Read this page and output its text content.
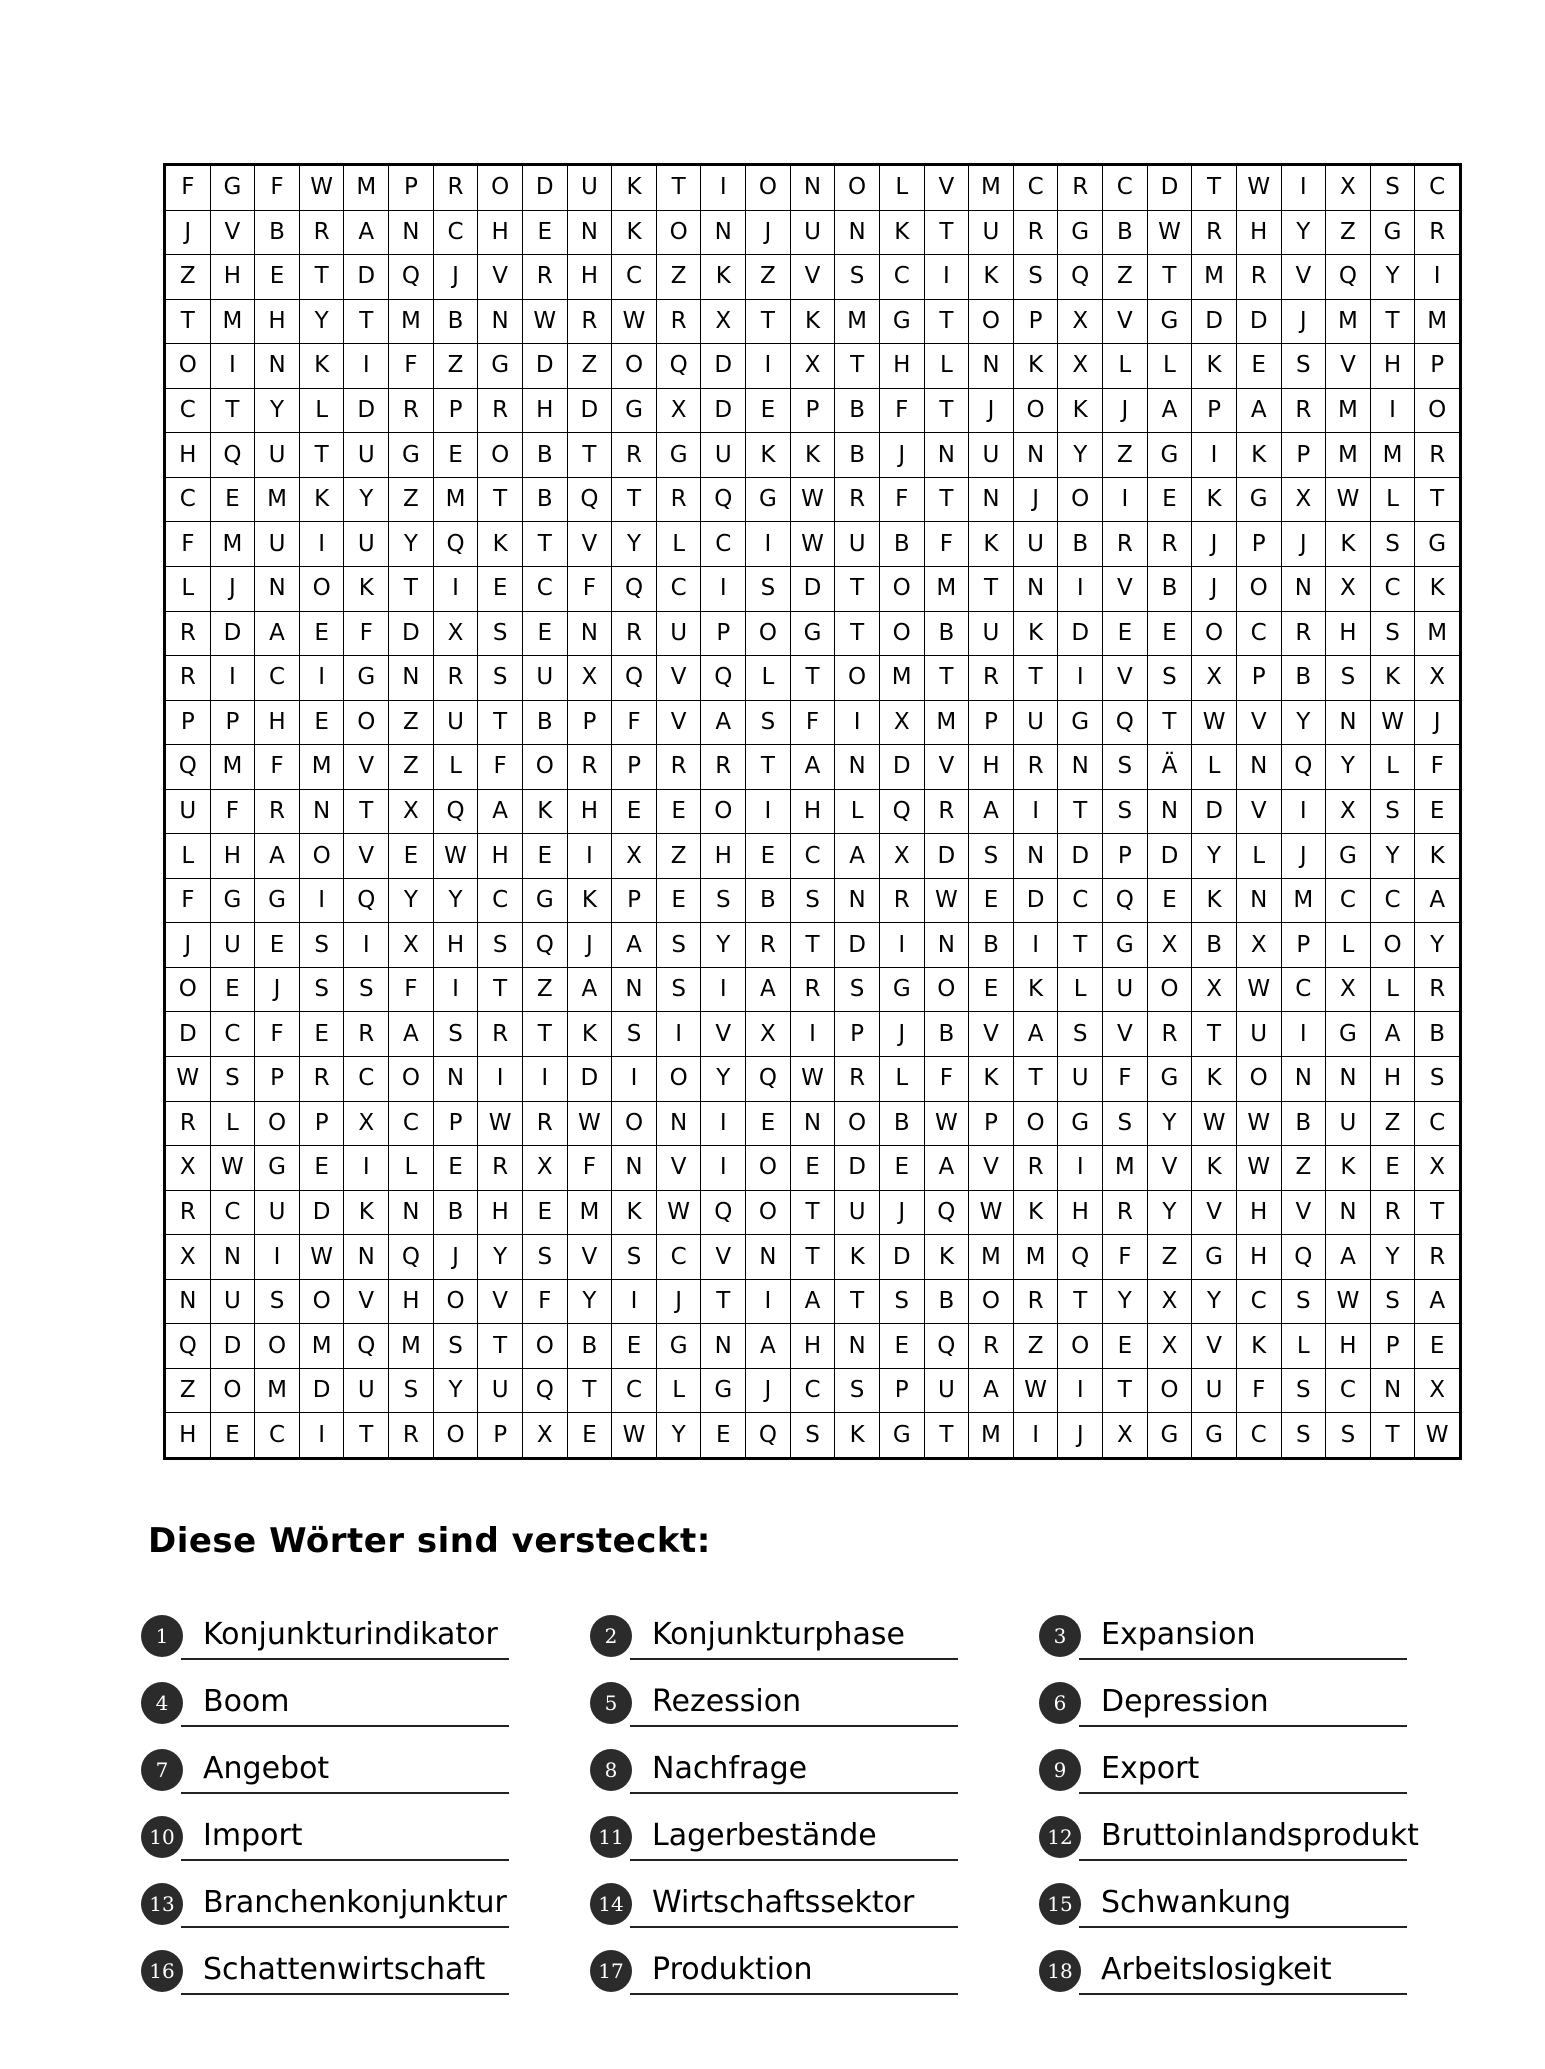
F	G	F	W	M	P	R	O	D	U	K	T	I	O	N	O	L	V	M	C	R	C	D	T	W	I	X	S	C
J	V	B	R	A	N	C	H	E	N	K	O	N	J	U	N	K	T	U	R	G	B	W	R	H	Y	Z	G	R
Z	H	E	T	D	Q	J	V	R	H	C	Z	K	Z	V	S	C	I	K	S	Q	Z	T	M	R	V	Q	Y	I
T	M	H	Y	T	M	B	N	W	R	W	R	X	T	K	M	G	T	O	P	X	V	G	D	D	J	M	T	M
O	I	N	K	I	F	Z	G	D	Z	O	Q	D	I	X	T	H	L	N	K	X	L	L	K	E	S	V	H	P
C	T	Y	L	D	R	P	R	H	D	G	X	D	E	P	B	F	T	J	O	K	J	A	P	A	R	M	I	O
H	Q	U	T	U	G	E	O	B	T	R	G	U	K	K	B	J	N	U	N	Y	Z	G	I	K	P	M	M	R
C	E	M	K	Y	Z	M	T	B	Q	T	R	Q	G	W	R	F	T	N	J	O	I	E	K	G	X	W	L	T
F	M	U	I	U	Y	Q	K	T	V	Y	L	C	I	W	U	B	F	K	U	B	R	R	J	P	J	K	S	G
L	J	N	O	K	T	I	E	C	F	Q	C	I	S	D	T	O	M	T	N	I	V	B	J	O	N	X	C	K
R	D	A	E	F	D	X	S	E	N	R	U	P	O	G	T	O	B	U	K	D	E	E	O	C	R	H	S	M
R	I	C	I	G	N	R	S	U	X	Q	V	Q	L	T	O	M	T	R	T	I	V	S	X	P	B	S	K	X
P	P	H	E	O	Z	U	T	B	P	F	V	A	S	F	I	X	M	P	U	G	Q	T	W	V	Y	N	W	J
Q	M	F	M	V	Z	L	F	O	R	P	R	R	T	A	N	D	V	H	R	N	S	Ä	L	N	Q	Y	L	F
U	F	R	N	T	X	Q	A	K	H	E	E	O	I	H	L	Q	R	A	I	T	S	N	D	V	I	X	S	E
L	H	A	O	V	E	W	H	E	I	X	Z	H	E	C	A	X	D	S	N	D	P	D	Y	L	J	G	Y	K
F	G	G	I	Q	Y	Y	C	G	K	P	E	S	B	S	N	R	W	E	D	C	Q	E	K	N	M	C	C	A
J	U	E	S	I	X	H	S	Q	J	A	S	Y	R	T	D	I	N	B	I	T	G	X	B	X	P	L	O	Y
O	E	J	S	S	F	I	T	Z	A	N	S	I	A	R	S	G	O	E	K	L	U	O	X	W	C	X	L	R
D	C	F	E	R	A	S	R	T	K	S	I	V	X	I	P	J	B	V	A	S	V	R	T	U	I	G	A	B
W	S	P	R	C	O	N	I	I	D	I	O	Y	Q	W	R	L	F	K	T	U	F	G	K	O	N	N	H	S
R	L	O	P	X	C	P	W	R	W	O	N	I	E	N	O	B	W	P	O	G	S	Y	W W	B	U	Z	C
X	W	G	E	I	L	E	R	X	F	N	V	I	O	E	D	E	A	V	R	I	M	V	K	W	Z	K	E	X
R	C	U	D	K	N	B	H	E	M	K	W	Q	O	T	U	J	Q	W	K	H	R	Y	V	H	V	N	R	T
X	N	I	W	N	Q	J	Y	S	V	S	C	V	N	T	K	D	K	M	M	Q	F	Z	G	H	Q	A	Y	R
N	U	S	O	V	H	O	V	F	Y	I	J	T	I	A	T	S	B	O	R	T	Y	X	Y	C	S	W	S	A
Q	D	O	M	Q	M	S	T	O	B	E	G	N	A	H	N	E	Q	R	Z	O	E	X	V	K	L	H	P	E
Z	O	M	D	U	S	Y	U	Q	T	C	L	G	J	C	S	P	U	A	W	I	T	O	U	F	S	C	N	X
H	E	C	I	T	R	O	P	X	E	W	Y	E	Q	S	K	G	T	M	I	J	X	G	G	C	S	S	T	W
Diese Wörter sind versteckt:
1	Konjunkturindikator	2	Konjunkturphase	3	Expansion
4	Boom	5	Rezession	6	Depression
7	Angebot	8	Nachfrage	9	Export
10 Import	11 Lagerbestände	12 Bruttoinlandsprodukt
13 Branchenkonjunktur	14 Wirtschaftssektor	15 Schwankung
16 Schattenwirtschaft	17 Produktion	18 Arbeitslosigkeit
